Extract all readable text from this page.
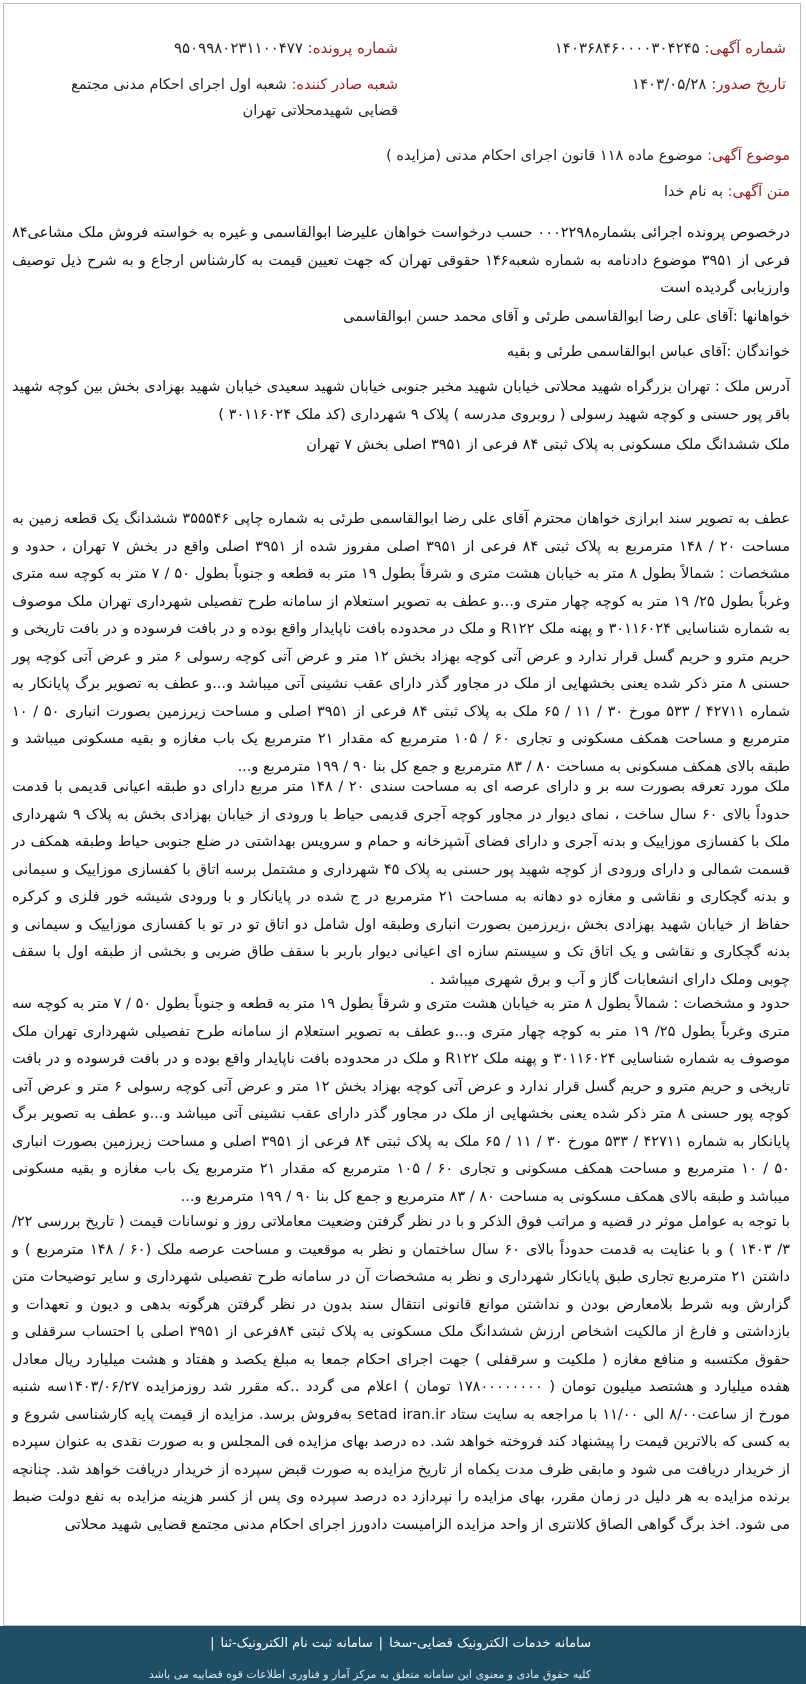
شماره آگهی: ۱۴۰۳۶۸۴۶۰۰۰۰۳۰۴۲۴۵
شماره پرونده: ۹۵۰۹۹۸۰۲۳۱۱۰۰۴۷۷
تاریخ صدور: ۱۴۰۳/۰۵/۲۸
شعبه صادر کننده: شعبه اول اجرای احکام مدنی مجتمع قضایی شهیدمحلاتی تهران
موضوع آگهی: موضوع ماده ۱۱۸ قانون اجرای احکام مدنی (مزایده )
متن آگهی: به نام خدا

درخصوص پرونده اجرائی بشماره۰۰۰۲۲۹۸ حسب درخواست خواهان علیرضا ابوالقاسمی و غیره به خواسته فروش ملک مشاعی۸۴ فرعی از ۳۹۵۱ موضوع دادنامه به شماره شعبه۱۴۶ حقوقی تهران که جهت تعیین قیمت به کارشناس ارجاع و به شرح ذیل توصیف وارزیابی گردیده است

خواهانها :آقای علی رضا ابوالقاسمی طرئی و آقای محمد حسن ابوالقاسمی

خواندگان :آقای عباس ابوالقاسمی طرئی و بقیه

آدرس ملک : تهران بزرگراه شهید محلاتی خیابان شهید مخبر جنوبی خیابان شهید سعیدی خیابان شهید بهزادی بخش بین کوچه شهید باقر پور حسنی و کوچه شهید رسولی ( روبروی مدرسه ) پلاک ۹ شهرداری (کد ملک ۳۰۱۱۶۰۲۴ )

ملک ششدانگ ملک مسکونی به پلاک ثبتی ۸۴ فرعی از ۳۹۵۱ اصلی بخش ۷ تهران

عطف به تصویر سند ابرازی خواهان محترم آقای علی رضا ابوالقاسمی طرئی به شماره چاپی ۳۵۵۵۴۶ ششدانگ یک قطعه زمین به مساحت ۲۰ / ۱۴۸ مترمربع به پلاک ثبتی ۸۴ فرعی از ۳۹۵۱ اصلی مفروز شده از ۳۹۵۱ اصلی واقع در بخش ۷ تهران ، حدود و مشخصات : شمالاً بطول ۸ متر به خیابان هشت متری و شرقاً بطول ۱۹ متر به قطعه و جنوباً بطول ۵۰ / ۷ متر به کوچه سه متری وغرباً بطول ۲۵/ ۱۹ متر به کوچه چهار متری و...و عطف به تصویر استعلام از سامانه طرح تفصیلی شهرداری تهران ملک موصوف به شماره شناسایی ۳۰۱۱۶۰۲۴ و پهنه ملک R۱۲۲ و ملک در محدوده بافت ناپایدار واقع بوده و در بافت فرسوده و در بافت تاریخی و حریم مترو و حریم گسل قرار ندارد و عرض آتی کوچه بهزاد بخش ۱۲ متر و عرض آتی کوچه رسولی ۶ متر و عرض آتی کوچه پور حسنی ۸ متر ذکر شده یعنی بخشهایی از ملک در مجاور گذر دارای عقب نشینی آتی میباشد و...و عطف به تصویر برگ پایانکار به شماره ۴۲۷۱۱ / ۵۳۳ مورخ ۳۰ / ۱۱ / ۶۵ ملک به پلاک ثبتی ۸۴ فرعی از ۳۹۵۱ اصلی و مساحت زیرزمین بصورت انباری ۵۰ / ۱۰ مترمربع و مساحت همکف مسکونی و تجاری ۶۰ / ۱۰۵ مترمربع که مقدار ۲۱ مترمربع یک باب مغازه و بقیه مسکونی میباشد و طبقه بالای همکف مسکونی به مساحت ۸۰ / ۸۳ مترمربع و جمع کل بنا ۹۰ / ۱۹۹ مترمربع و...

ملک مورد تعرفه بصورت سه بر و دارای عرصه ای به مساحت سندی ۲۰ / ۱۴۸ متر مربع دارای دو طبقه اعیانی قدیمی با قدمت حدوداً بالای ۶۰ سال ساخت ، نمای دیوار در مجاور کوچه آجری قدیمی حیاط با ورودی از خیابان بهزادی بخش به پلاک ۹ شهرداری ملک با کفسازی موزاییک و بدنه آجری و دارای فضای آشپزخانه و حمام و سرویس بهداشتی در ضلع جنوبی حیاط وطبقه همکف در قسمت شمالی و دارای ورودی از کوچه شهید پور حسنی به پلاک ۴۵ شهرداری و مشتمل برسه اتاق با کفسازی موزاییک و سیمانی و بدنه گچکاری و نقاشی و مغازه دو دهانه به مساحت ۲۱ مترمربع در ج شده در پایانکار و با ورودی شیشه خور فلزی و کرکره حفاظ از خیابان شهید بهزادی بخش ،زیرزمین بصورت انباری وطبقه اول شامل دو اتاق تو در تو با کفسازی موزاییک و سیمانی و بدنه گچکاری و نقاشی و یک اتاق تک و سیستم سازه ای اعیانی دیوار باربر با سقف طاق ضربی و بخشی از طبقه اول با سقف چوبی وملک دارای انشعابات گاز و آب و برق شهری میباشد .

حدود و مشخصات : شمالاً بطول ۸ متر به خیابان هشت متری و شرقاً بطول ۱۹ متر به قطعه و جنوباً بطول ۵۰ / ۷ متر به کوچه سه متری وغرباً بطول ۲۵/ ۱۹ متر به کوچه چهار متری و...و عطف به تصویر استعلام از سامانه طرح تفصیلی شهرداری تهران ملک موصوف به شماره شناسایی ۳۰۱۱۶۰۲۴ و پهنه ملک R۱۲۲ و ملک در محدوده بافت ناپایدار واقع بوده و در بافت فرسوده و در بافت تاریخی و حریم مترو و حریم گسل قرار ندارد و عرض آتی کوچه بهزاد بخش ۱۲ متر و عرض آتی کوچه رسولی ۶ متر و عرض آتی کوچه پور حسنی ۸ متر ذکر شده یعنی بخشهایی از ملک در مجاور گذر دارای عقب نشینی آتی میباشد و...و عطف به تصویر برگ پایانکار به شماره ۴۲۷۱۱ / ۵۳۳ مورخ ۳۰ / ۱۱ / ۶۵ ملک به پلاک ثبتی ۸۴ فرعی از ۳۹۵۱ اصلی و مساحت زیرزمین بصورت انباری ۵۰ / ۱۰ مترمربع و مساحت همکف مسکونی و تجاری ۶۰ / ۱۰۵ مترمربع که مقدار ۲۱ مترمربع یک باب مغازه و بقیه مسکونی میباشد و طبقه بالای همکف مسکونی به مساحت ۸۰ / ۸۳ مترمربع و جمع کل بنا ۹۰ / ۱۹۹ مترمربع و...

با توجه به عوامل موثر در قضیه و مراتب فوق الذکر و با در نظر گرفتن وضعیت معاملاتی روز و نوسانات قیمت ( تاریخ بررسی ۲۲/ ۳/ ۱۴۰۳ ) و با عنایت به قدمت حدوداً بالای ۶۰ سال ساختمان و نظر به موقعیت و مساحت عرصه ملک (۶۰ / ۱۴۸ مترمربع ) و داشتن ۲۱ مترمربع تجاری طبق پایانکار شهرداری و نظر به مشخصات آن در سامانه طرح تفصیلی شهرداری و سایر توضیحات متن گزارش وبه شرط بلامعارض بودن و نداشتن موانع قانونی انتقال سند بدون در نظر گرفتن هرگونه بدهی و دیون و تعهدات و بازداشتی و فارغ از مالکیت اشخاص ارزش ششدانگ ملک مسکونی به پلاک ثبتی ۸۴فرعی از ۳۹۵۱ اصلی با احتساب سرقفلی و حقوق مکتسبه و منافع مغازه ( ملکیت و سرقفلی ) جهت اجرای احکام جمعا به مبلغ یکصد و هفتاد و هشت میلیارد ریال معادل هفده میلیارد و هشتصد میلیون تومان ( ۱۷۸۰۰۰۰۰۰۰۰ تومان ) اعلام می گردد ..که مقرر شد روزمزایده ۱۴۰۳/۰۶/۲۷سه شنبه مورخ از ساعت۸/۰۰ الی ۱۱/۰۰ با مراجعه به سایت ستاد setad iran.ir به‌فروش برسد. مزایده از قیمت پایه کارشناسی شروع و به کسی که بالاترین قیمت را پیشنهاد کند فروخته خواهد شد. ده درصد بهای مزایده فی المجلس و به صورت نقدی به عنوان سپرده از خریدار دریافت می شود و مابقی ظرف مدت یکماه از تاریخ مزایده به صورت قبض سپرده از خریدار دریافت خواهد شد. چنانچه برنده مزایده به هر دلیل در زمان مقرر، بهای مزایده را نپردازد ده درصد سپرده وی پس از کسر هزینه مزایده به نفع دولت ضبط می شود. اخذ برگ گواهی الصاق کلانتری از واحد مزایده الزامیست دادورز اجرای احکام مدنی مجتمع قضایی شهید محلاتی

سامانه خدمات الکترونیک قضایی-سخا|سامانه ثبت نام الکترونیک-ثنا|
کلیه حقوق مادی و معنوی این سامانه متعلق به مرکز آمار و فناوری اطلاعات قوه قضاییه می باشد
